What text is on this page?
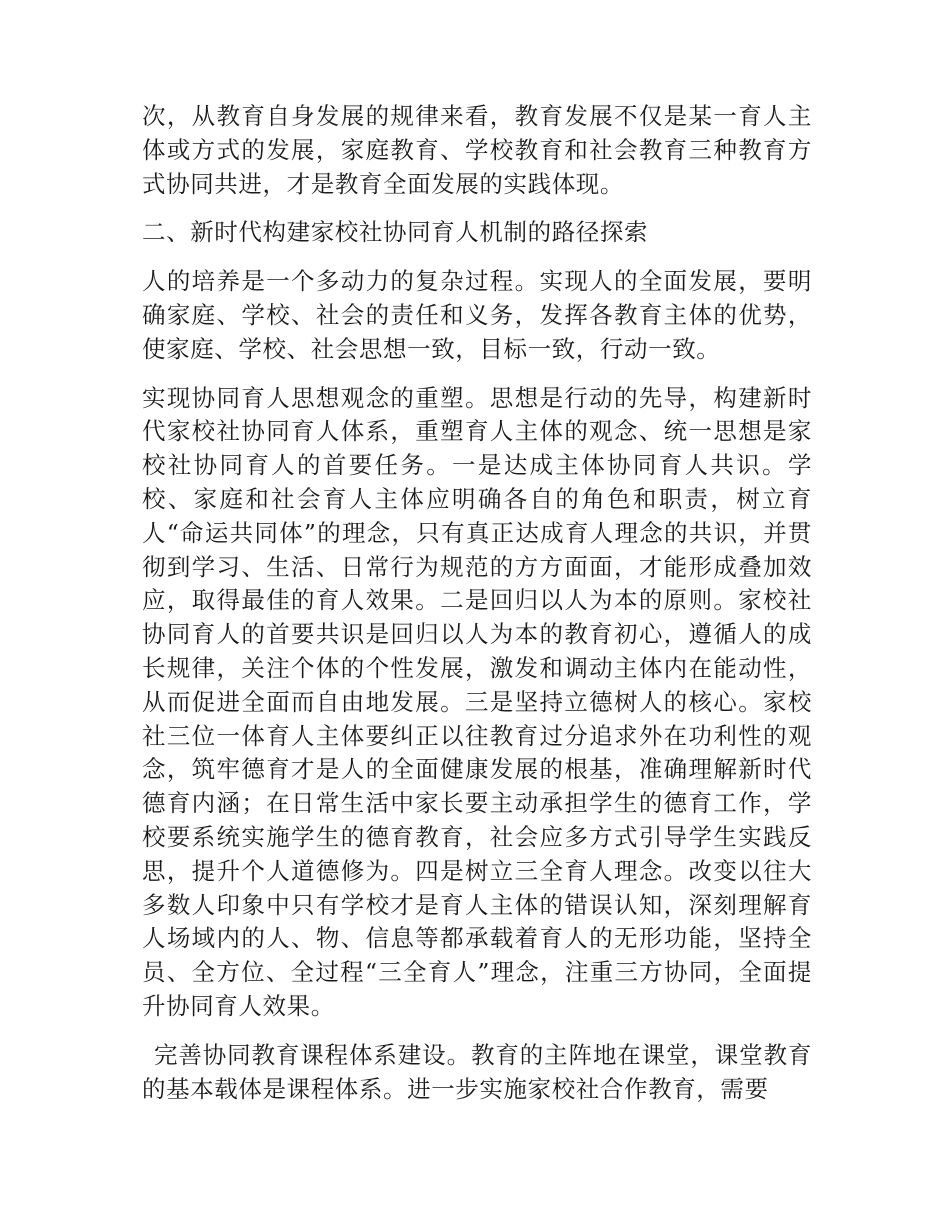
次，从教育自身发展的规律来看，教育发展不仅是某一育人主体或方式的发展，家庭教育、学校教育和社会教育三种教育方式协同共进，才是教育全面发展的实践体现。

二、新时代构建家校社协同育人机制的路径探索

人的培养是一个多动力的复杂过程。实现人的全面发展，要明确家庭、学校、社会的责任和义务，发挥各教育主体的优势，使家庭、学校、社会思想一致，目标一致，行动一致。

实现协同育人思想观念的重塑。思想是行动的先导，构建新时代家校社协同育人体系，重塑育人主体的观念、统一思想是家校社协同育人的首要任务。一是达成主体协同育人共识。学校、家庭和社会育人主体应明确各自的角色和职责，树立育人“命运共同体”的理念，只有真正达成育人理念的共识，并贯彻到学习、生活、日常行为规范的方方面面，才能形成叠加效应，取得最佳的育人效果。二是回归以人为本的原则。家校社协同育人的首要共识是回归以人为本的教育初心，遵循人的成长规律，关注个体的个性发展，激发和调动主体内在能动性，从而促进全面而自由地发展。三是坚持立德树人的核心。家校社三位一体育人主体要纠正以往教育过分追求外在功利性的观念，筑牢德育才是人的全面健康发展的根基，准确理解新时代德育内涵；在日常生活中家长要主动承担学生的德育工作，学校要系统实施学生的德育教育，社会应多方式引导学生实践反思，提升个人道德修为。四是树立三全育人理念。改变以往大多数人印象中只有学校才是育人主体的错误认知，深刻理解育人场域内的人、物、信息等都承载着育人的无形功能，坚持全员、全方位、全过程“三全育人”理念，注重三方协同，全面提升协同育人效果。

完善协同教育课程体系建设。教育的主阵地在课堂，课堂教育的基本载体是课程体系。进一步实施家校社合作教育，需要
